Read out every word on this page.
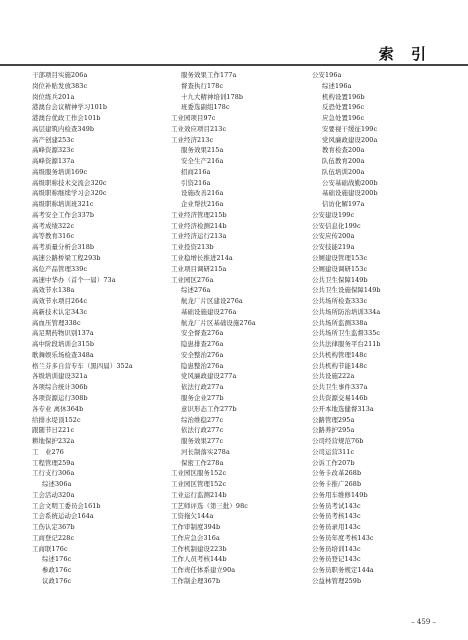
索 引
干部项目实施206a
岗位补贴发放383c
岗位练兵201a
港澳台会议精神学习101b
港澳台优政工作会101b
高层建筑内检查349b
高产创建253c
高峰资源323c
高峰资源137a
高级服务培训169c
高级职称技术交流会320c
高级职称继续学习会320c
高级职称培训班321c
高考安全工作会337b
高考成绩322c
高等教育316c
高考质量分析会318b
高速公路桥梁工程293b
高危产品管理339c
高速中华办（首个一届）73a
高效节水138a
高效节水项目264c
高新技术认定343c
高血压管理338c
高足期药物识别137a
高中阶段培训会315b
歌舞娱乐场检查348a
格兰芬多自营专车（黑四届）352a
各级培训建设321a
各项综合统计306b
各项资源运行308b
各专业 离休364b
给排水堤顶152c
跟随节日221c
耕地保护232a
工　业276
工程管理259a
工行支行306a
综述306a
工会活动320a
工会文明工委员会161b
工会系统运动会164a
工伤认定367b
工商登记228c
工商联176c
综述176c
参政176c
议政176c
服务效果工作177a
督查执行178c
十九大精神培训178b
班委选副组178c
工业园项目97c
工业效应项目213c
工业经济213c
服务效果215a
安全生产216a
招商216a
引资216a
设施改善216a
企业帮扶216a
工业经济管理215b
工业经济检测214b
工业经济运行213a
工业投资213b
工业稳增长推进214a
工业项目调研215a
工业园区276a
综述276a
航龙厂片区建设276a
基础设施建设276a
航龙厂片区基础设施276a
安全督查276a
隐患排查276a
安全整治276a
隐患整治276a
党风廉政建设277a
依法行政277a
服务企业277b
意识形态工作277b
综治维稳277c
依法行政277c
服务效果277c
河长制落实278a
保密工作278a
工业园区服务152c
工业园区管理152c
工业运行监测214b
工艺师评选（第三批）98c
工资拖欠144a
工作审制度394b
工作应急会316a
工作机制建设223b
工作人员考核144b
工作责任体系建立90a
工作制企理367b
公安196a
综述196a
机构设置196b
反恐处置196c
应急处置196c
安要视干缓征199c
党风廉政建设200a
教育检查200a
队伍教育200a
队伍培训200a
公安基础战勤200b
基础设施建设200b
信访化解197a
公安建设199c
公安信息化199c
公安应传200a
公安技能219a
公厕建设管理153c
公厕建设调研153c
公共卫生保障149b
公共卫生设施保障149b
公共场所检查333c
公共场所防治培训334a
公共场所监测338a
公共场所卫生监督335c
公共法律服务平台211b
公共机构管理148c
公共机构节能148c
公共设施222a
公共卫生事件337a
公共资源交易146b
公开本地选健督313a
公路管理295a
公路养护295a
公司经营规范76b
公司运营311c
公诉工作207b
公务卡改革268b
公务卡推广268b
公务用车维修149b
公务员考试143c
公务员考核143c
公务员录用143c
公务员年度考核143c
公务员培训143c
公务员登记143c
公务员职务规定144a
公益林管理259b
– 459 –
